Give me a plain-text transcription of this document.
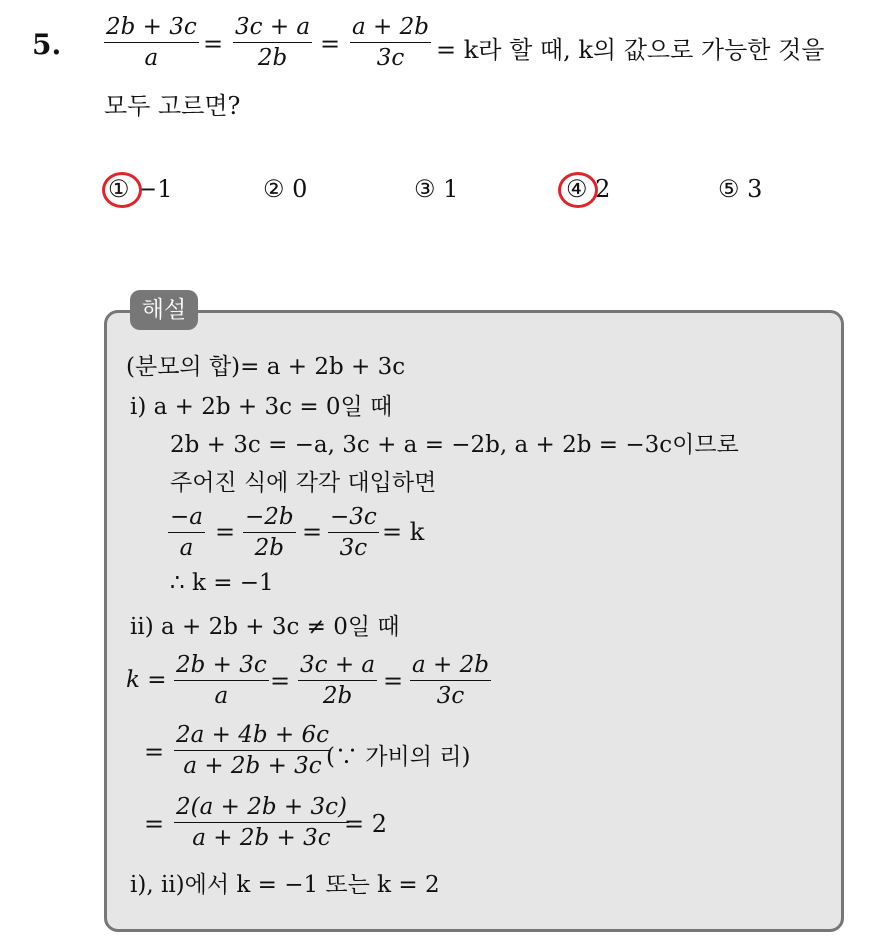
5. $\frac{2b + 3c}{a} = \frac{3c + a}{2b} = \frac{a + 2b}{3c} = k$라 할 때, k의 값으로 가능한 것을
모두 고르면?
① −1	② 0	③ 1	④ 2	⑤ 3
해설
(분모의 합)= a + 2b + 3c
ⅰ) a + 2b + 3c = 0일 때
2b + 3c = −a, 3c + a = −2b, a + 2b = −3c이므로
주어진 식에 각각 대입하면
$\frac{-a}{a} = \frac{-2b}{2b} = \frac{-3c}{3c} = k$
∴ k = −1
ⅱ) a + 2b + 3c ≠ 0일 때
$k = \frac{2b + 3c}{a} = \frac{3c + a}{2b} = \frac{a + 2b}{3c}$
= $\frac{2a + 4b + 6c}{a + 2b + 3c}$
(∵ 가비의 리)
= $\frac{2(a + 2b + 3c)}{a + 2b + 3c}$
= 2
ⅰ), ⅱ)에서 k = −1 또는 k = 2
